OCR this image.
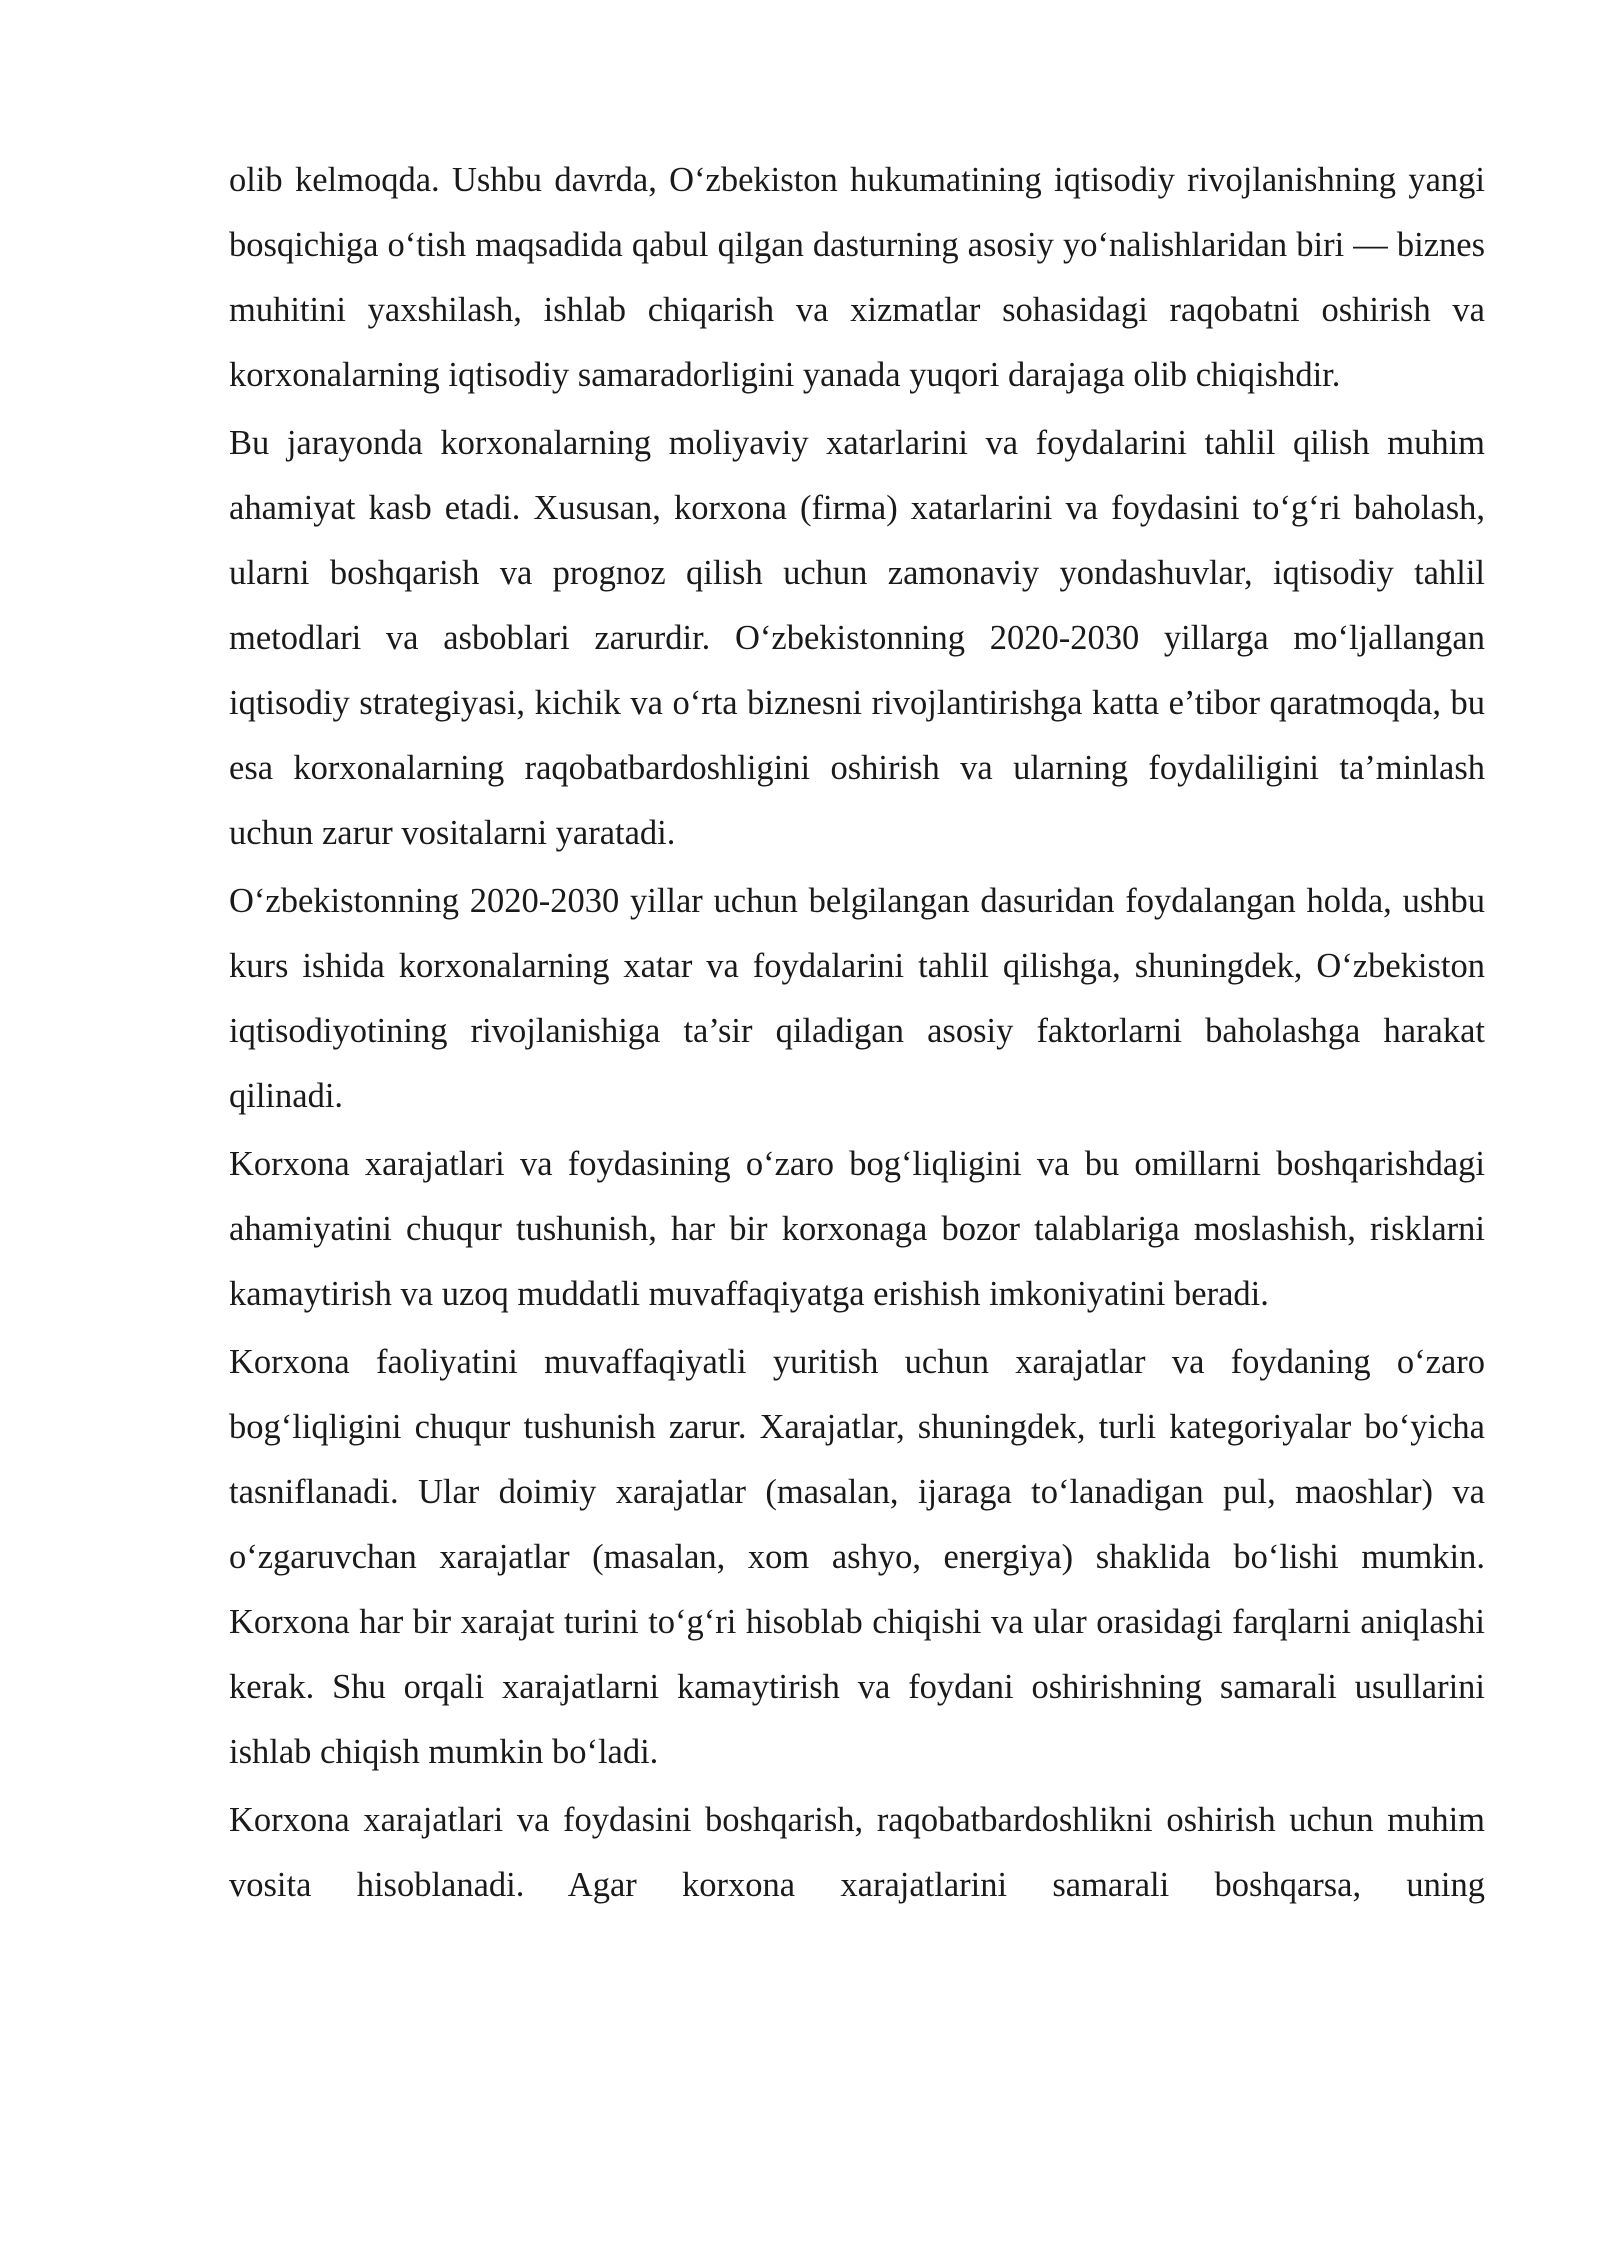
olib kelmoqda. Ushbu davrda, O‘zbekiston hukumatining iqtisodiy rivojlanishning yangi bosqichiga o‘tish maqsadida qabul qilgan dasturning asosiy yo‘nalishlaridan biri — biznes muhitini yaxshilash, ishlab chiqarish va xizmatlar sohasidagi raqobatni oshirish va korxonalarning iqtisodiy samaradorligini yanada yuqori darajaga olib chiqishdir.

Bu jarayonda korxonalarning moliyaviy xatarlarini va foydalarini tahlil qilish muhim ahamiyat kasb etadi. Xususan, korxona (firma) xatarlarini va foydasini to‘g‘ri baholash, ularni boshqarish va prognoz qilish uchun zamonaviy yondashuvlar, iqtisodiy tahlil metodlari va asboblari zarurdir. O‘zbekistonning 2020-2030 yillarga mo‘ljallangan iqtisodiy strategiyasi, kichik va o‘rta biznesni rivojlantirishga katta e’tibor qaratmoqda, bu esa korxonalarning raqobatbardoshligini oshirish va ularning foydaliligini ta’minlash uchun zarur vositalarni yaratadi.

O‘zbekistonning 2020-2030 yillar uchun belgilangan dasuridan foydalangan holda, ushbu kurs ishida korxonalarning xatar va foydalarini tahlil qilishga, shuningdek, O‘zbekiston iqtisodiyotining rivojlanishiga ta’sir qiladigan asosiy faktorlarni baholashga harakat qilinadi.

Korxona xarajatlari va foydasining o‘zaro bog‘liqligini va bu omillarni boshqarishdagi ahamiyatini chuqur tushunish, har bir korxonaga bozor talablariga moslashish, risklarni kamaytirish va uzoq muddatli muvaffaqiyatga erishish imkoniyatini beradi.

Korxona faoliyatini muvaffaqiyatli yuritish uchun xarajatlar va foydaning o‘zaro bog‘liqligini chuqur tushunish zarur. Xarajatlar, shuningdek, turli kategoriyalar bo‘yicha tasniflanadi. Ular doimiy xarajatlar (masalan, ijaraga to‘lanadigan pul, maoshlar) va o‘zgaruvchan xarajatlar (masalan, xom ashyo, energiya) shaklida bo‘lishi mumkin. Korxona har bir xarajat turini to‘g‘ri hisoblab chiqishi va ular orasidagi farqlarni aniqlashi kerak. Shu orqali xarajatlarni kamaytirish va foydani oshirishning samarali usullarini ishlab chiqish mumkin bo‘ladi.

Korxona xarajatlari va foydasini boshqarish, raqobatbardoshlikni oshirish uchun muhim vosita hisoblanadi. Agar korxona xarajatlarini samarali boshqarsa, uning
